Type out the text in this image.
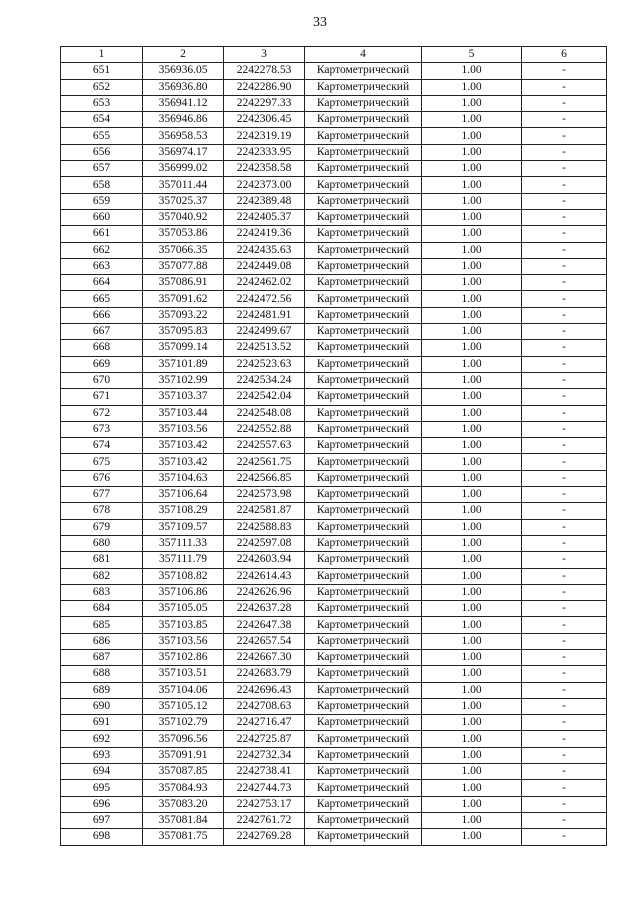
33
1	2	3	4	5	6
651	356936.05	2242278.53	Картометрический	1.00	-
652	356936.80	2242286.90	Картометрический	1.00	-
653	356941.12	2242297.33	Картометрический	1.00	-
654	356946.86	2242306.45	Картометрический	1.00	-
655	356958.53	2242319.19	Картометрический	1.00	-
656	356974.17	2242333.95	Картометрический	1.00	-
657	356999.02	2242358.58	Картометрический	1.00	-
658	357011.44	2242373.00	Картометрический	1.00	-
659	357025.37	2242389.48	Картометрический	1.00	-
660	357040.92	2242405.37	Картометрический	1.00	-
661	357053.86	2242419.36	Картометрический	1.00	-
662	357066.35	2242435.63	Картометрический	1.00	-
663	357077.88	2242449.08	Картометрический	1.00	-
664	357086.91	2242462.02	Картометрический	1.00	-
665	357091.62	2242472.56	Картометрический	1.00	-
666	357093.22	2242481.91	Картометрический	1.00	-
667	357095.83	2242499.67	Картометрический	1.00	-
668	357099.14	2242513.52	Картометрический	1.00	-
669	357101.89	2242523.63	Картометрический	1.00	-
670	357102.99	2242534.24	Картометрический	1.00	-
671	357103.37	2242542.04	Картометрический	1.00	-
672	357103.44	2242548.08	Картометрический	1.00	-
673	357103.56	2242552.88	Картометрический	1.00	-
674	357103.42	2242557.63	Картометрический	1.00	-
675	357103.42	2242561.75	Картометрический	1.00	-
676	357104.63	2242566.85	Картометрический	1.00	-
677	357106.64	2242573.98	Картометрический	1.00	-
678	357108.29	2242581.87	Картометрический	1.00	-
679	357109.57	2242588.83	Картометрический	1.00	-
680	357111.33	2242597.08	Картометрический	1.00	-
681	357111.79	2242603.94	Картометрический	1.00	-
682	357108.82	2242614.43	Картометрический	1.00	-
683	357106.86	2242626.96	Картометрический	1.00	-
684	357105.05	2242637.28	Картометрический	1.00	-
685	357103.85	2242647.38	Картометрический	1.00	-
686	357103.56	2242657.54	Картометрический	1.00	-
687	357102.86	2242667.30	Картометрический	1.00	-
688	357103.51	2242683.79	Картометрический	1.00	-
689	357104.06	2242696.43	Картометрический	1.00	-
690	357105.12	2242708.63	Картометрический	1.00	-
691	357102.79	2242716.47	Картометрический	1.00	-
692	357096.56	2242725.87	Картометрический	1.00	-
693	357091.91	2242732.34	Картометрический	1.00	-
694	357087.85	2242738.41	Картометрический	1.00	-
695	357084.93	2242744.73	Картометрический	1.00	-
696	357083.20	2242753.17	Картометрический	1.00	-
697	357081.84	2242761.72	Картометрический	1.00	-
698	357081.75	2242769.28	Картометрический	1.00	-
